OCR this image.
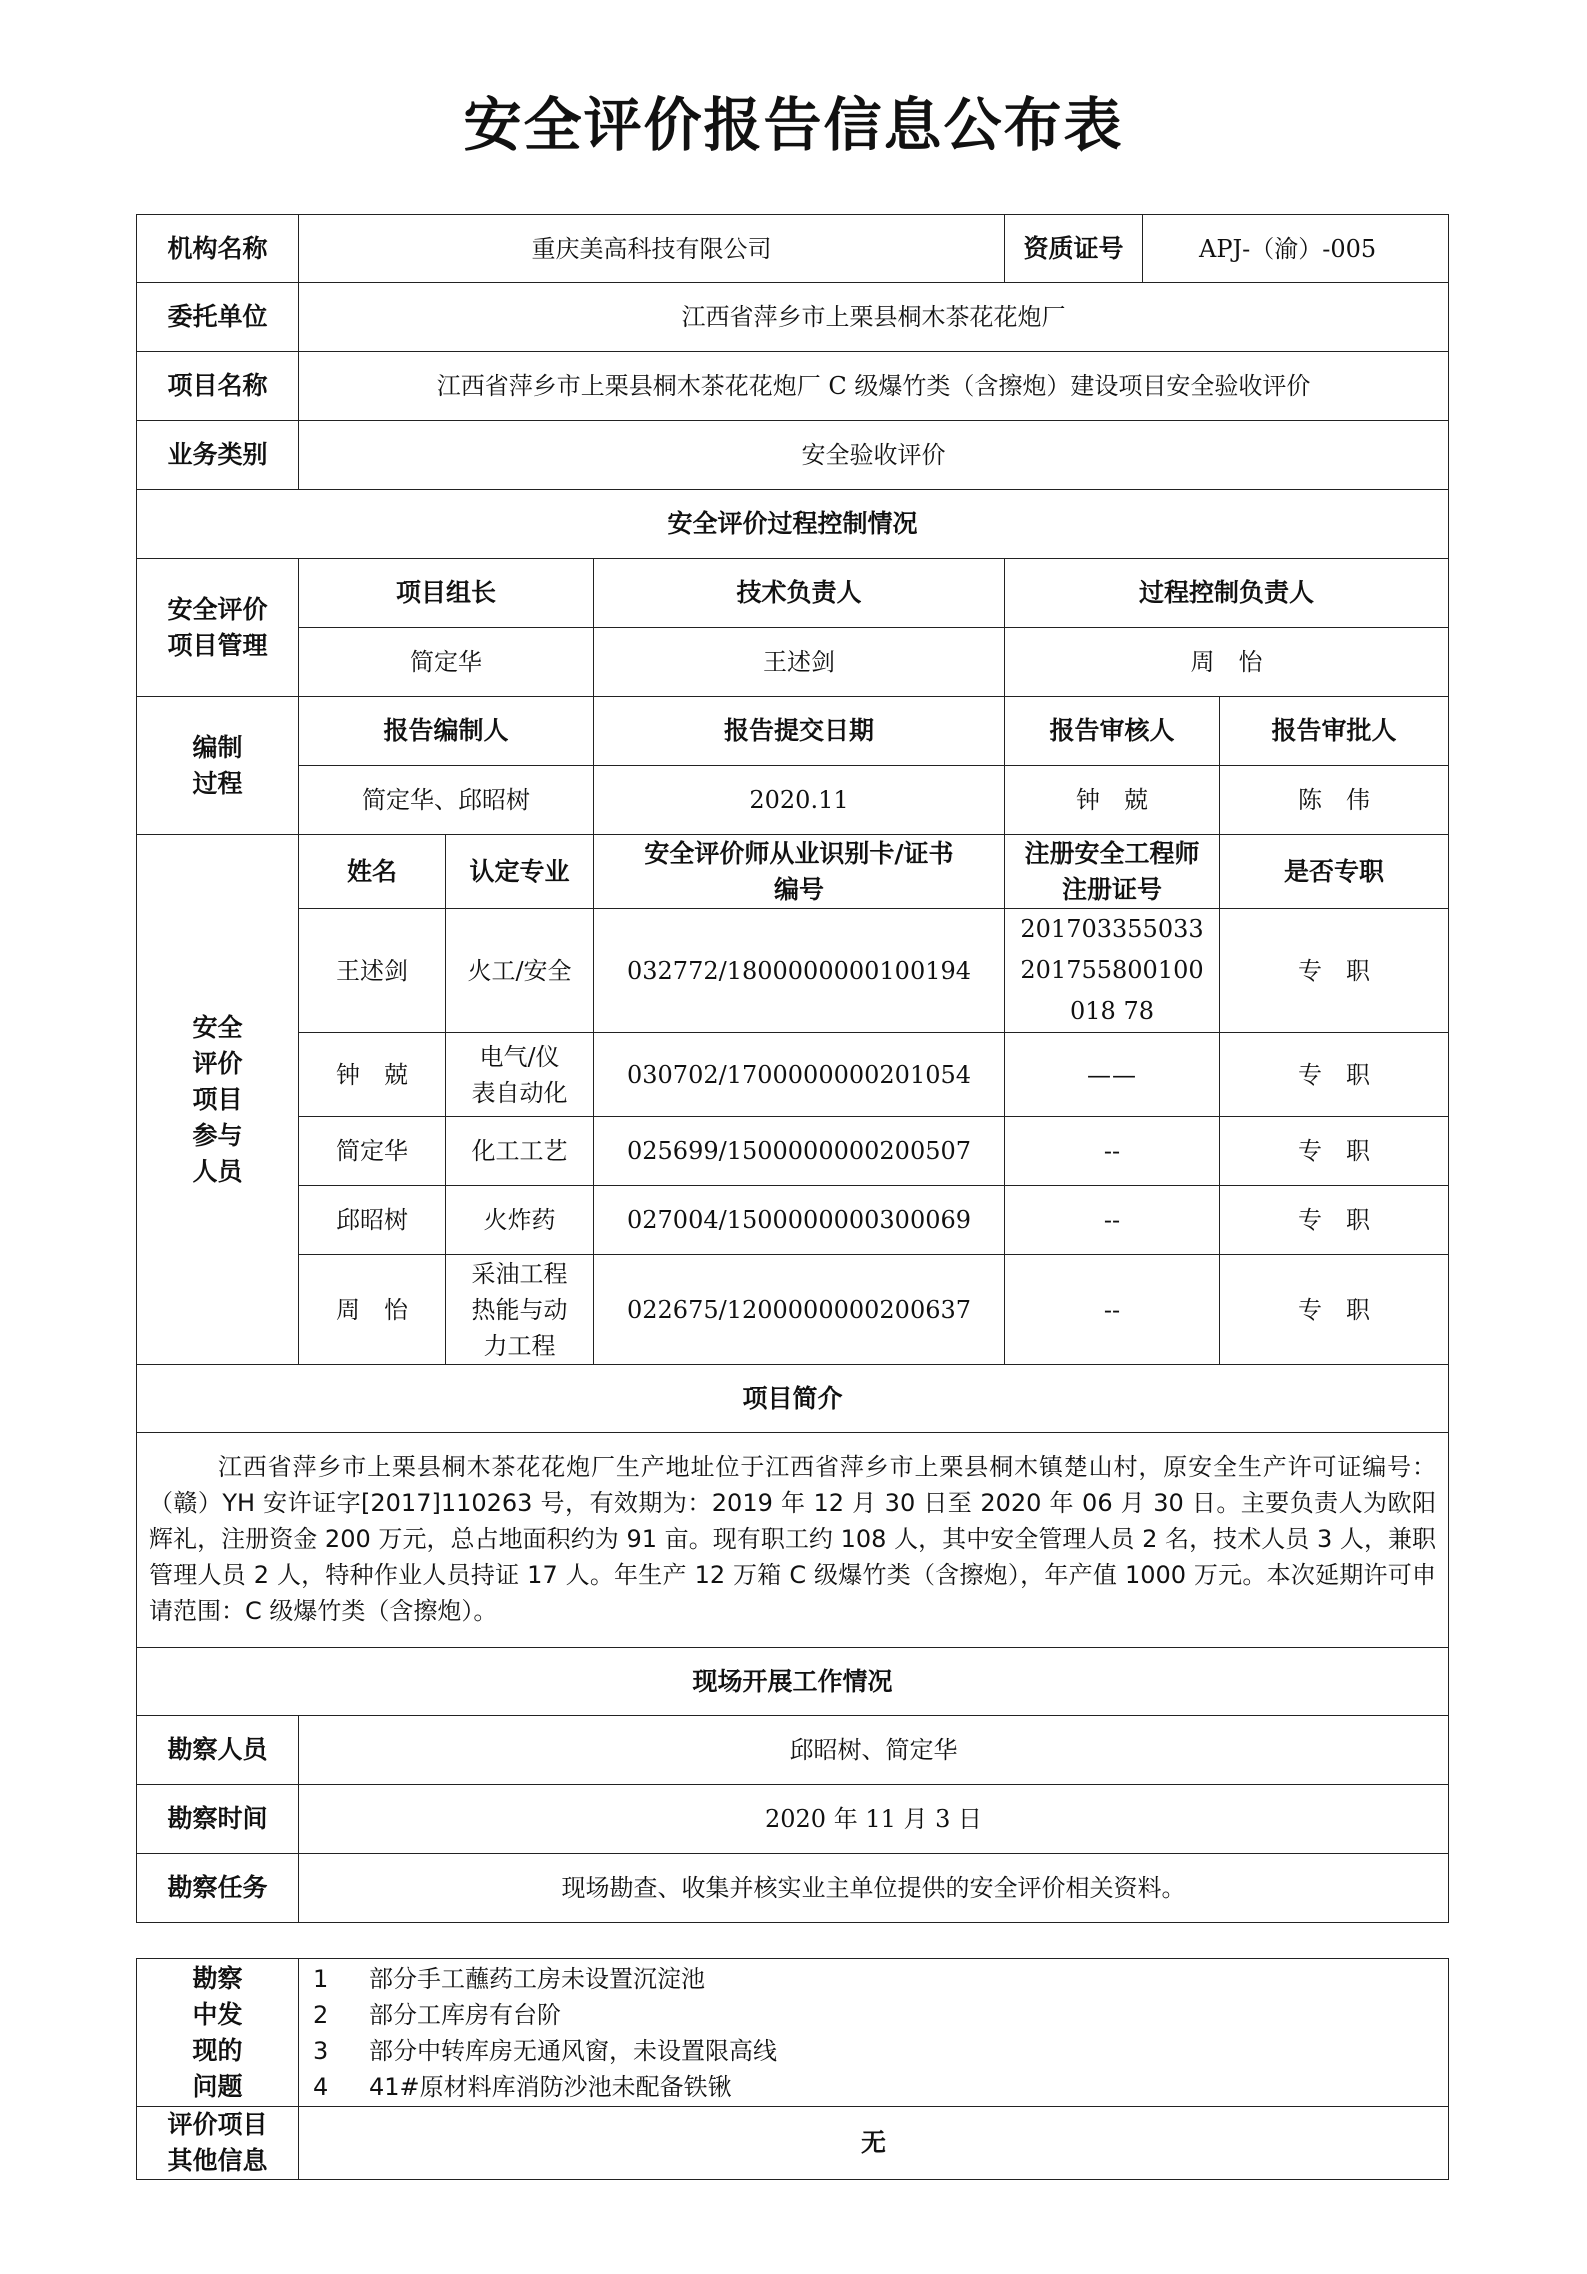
安全评价报告信息公布表
机构名称	重庆美高科技有限公司			资质证号	APJ-（渝）-005	
委托单位	江西省萍乡市上栗县桐木茶花花炮厂					
项目名称	江西省萍乡市上栗县桐木茶花花炮厂 C 级爆竹类（含擦炮）建设项目安全验收评价					
业务类别	安全验收评价					
安全评价过程控制情况						
安全评价项目管理	项目组长		技术负责人	过程控制负责人		
	简定华		王述剑	周　怡		
编制过程	报告编制人		报告提交日期	报告审核人		报告审批人
	简定华、邱昭树		2020.11	钟　兢		陈　伟
安全评价项目参与人员	姓名	认定专业	安全评价师从业识别卡/证书编号	注册安全工程师注册证号		是否专职
	王述剑	火工/安全	032772/1800000000100194	201703355033201755800100018 78		专　职
	钟　兢	电气/仪表自动化	030702/1700000000201054	——		专　职
	简定华	化工工艺	025699/1500000000200507	--		专　职
	邱昭树	火炸药	027004/1500000000300069	--		专　职
	周　怡	采油工程热能与动力工程	022675/1200000000200637	--		专　职
项目简介						
江西省萍乡市上栗县桐木茶花花炮厂生产地址位于江西省萍乡市上栗县桐木镇楚山村，原安全生产许可证编号：（赣）YH 安许证字[2017]110263 号，有效期为：2019 年 12 月 30 日至 2020 年 06 月 30 日。主要负责人为欧阳辉礼，注册资金 200 万元，总占地面积约为 91 亩。现有职工约 108 人，其中安全管理人员 2 名，技术人员 3 人，兼职管理人员 2 人，特种作业人员持证 17 人。年生产 12 万箱 C 级爆竹类（含擦炮），年产值 1000 万元。本次延期许可申请范围：C 级爆竹类（含擦炮）。						
现场开展工作情况						
勘察人员	邱昭树、简定华					
勘察时间	2020 年 11 月 3 日					
勘察任务	现场勘查、收集并核实业主单位提供的安全评价相关资料。					
勘察中发现的问题	1 部分手工蘸药工房未设置沉淀池
2 部分工库房有台阶
3 部分中转库房无通风窗，未设置限高线
4 41#原材料库消防沙池未配备铁锹

评价项目其他信息	无
